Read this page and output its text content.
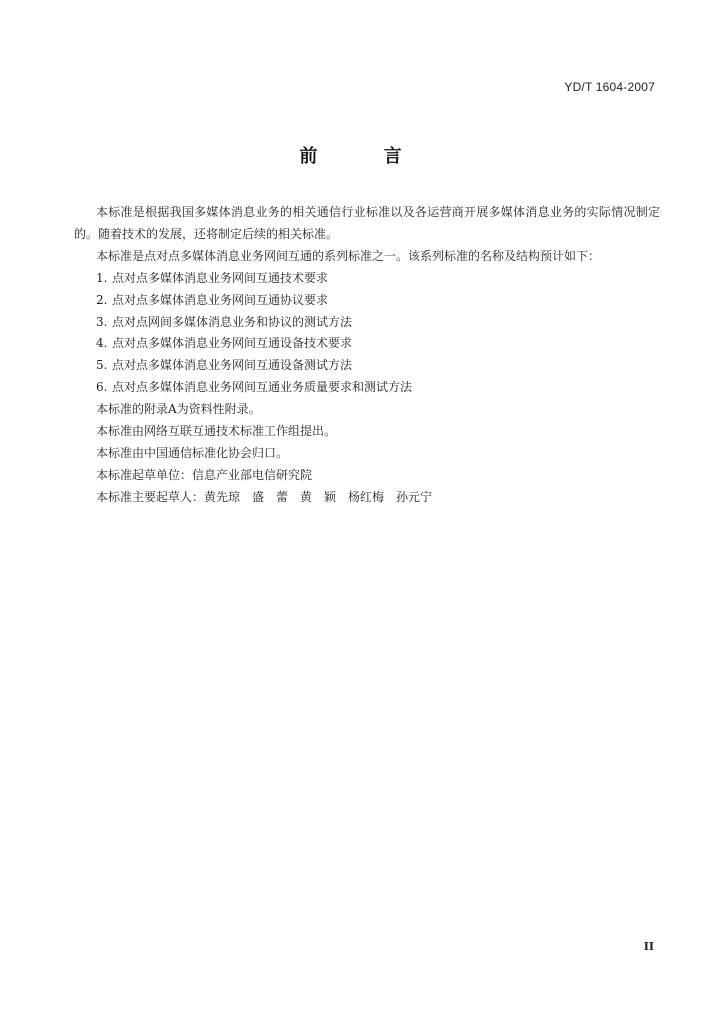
YD/T 1604-2007
前 言

本标准是根据我国多媒体消息业务的相关通信行业标准以及各运营商开展多媒体消息业务的实际情况制定的。随着技术的发展，还将制定后续的相关标准。

本标准是点对点多媒体消息业务网间互通的系列标准之一。该系列标准的名称及结构预计如下：

1. 点对点多媒体消息业务网间互通技术要求
2. 点对点多媒体消息业务网间互通协议要求
3. 点对点网间多媒体消息业务和协议的测试方法
4. 点对点多媒体消息业务网间互通设备技术要求
5. 点对点多媒体消息业务网间互通设备测试方法
6. 点对点多媒体消息业务网间互通业务质量要求和测试方法

本标准的附录A为资料性附录。

本标准由网络互联互通技术标准工作组提出。

本标准由中国通信标准化协会归口。

本标准起草单位：信息产业部电信研究院

本标准主要起草人：黄先琼　盛　蕾　黄　颖　杨红梅　孙元宁

II
